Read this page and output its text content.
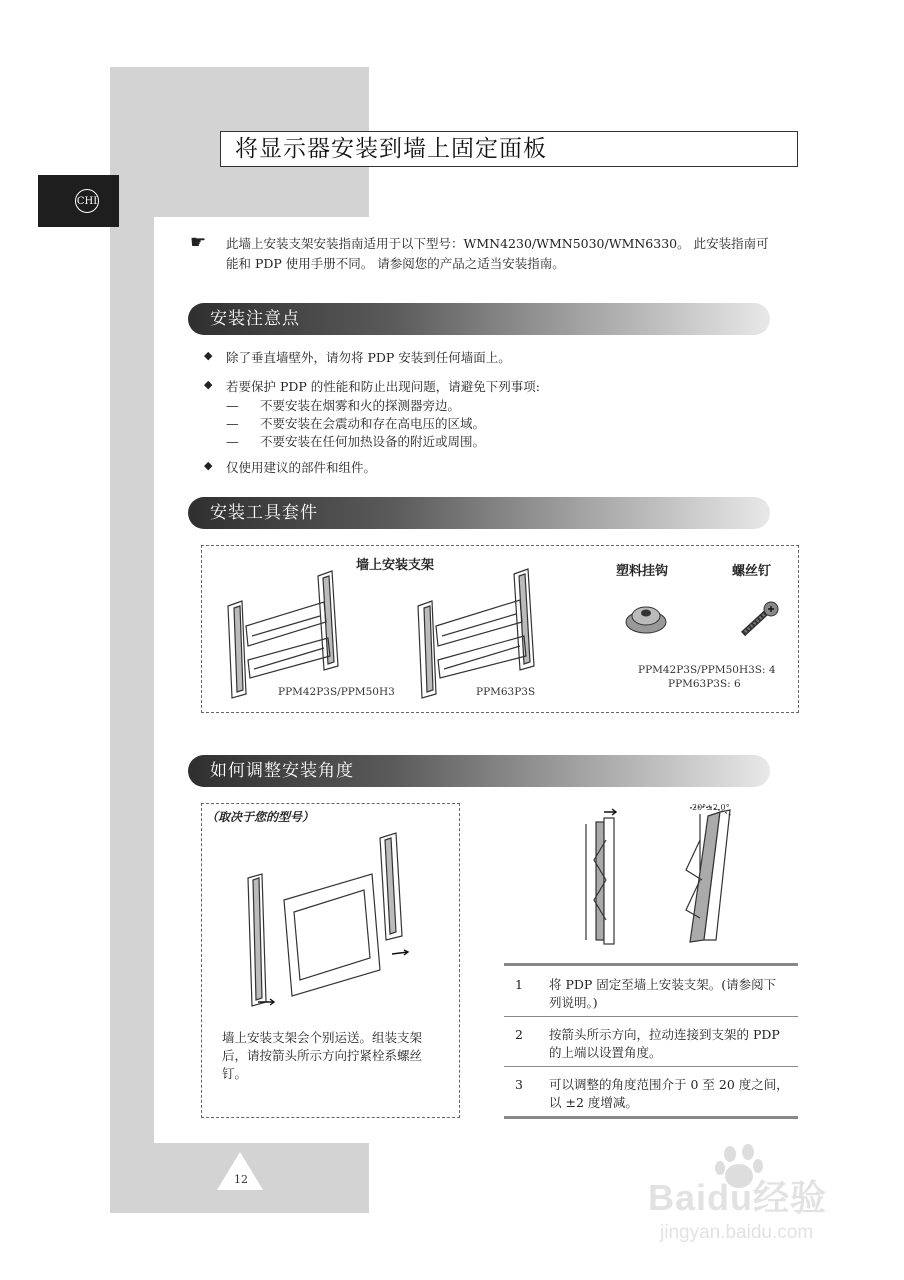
将显示器安装到墙上固定面板
CHI
☛ 此墙上安装支架安装指南适用于以下型号：WMN4230/WMN5030/WMN6330。 此安装指南可
能和 PDP 使用手册不同。 请参阅您的产品之适当安装指南。
安装注意点
◆ 除了垂直墙壁外，请勿将 PDP 安装到任何墙面上。
◆ 若要保护 PDP 的性能和防止出现问题，请避免下列事项:
— 不要安装在烟雾和火的探测器旁边。
— 不要安装在会震动和存在高电压的区域。
— 不要安装在任何加热设备的附近或周围。
◆ 仅使用建议的部件和组件。
安装工具套件
墙上安装支架	塑料挂钩	螺丝钉
PPM42P3S/PPM50H3	PPM63P3S
PPM42P3S/PPM50H3S: 4
PPM63P3S: 6
如何调整安装角度
（取决于您的型号）
墙上安装支架会个别运送。组装支架
后，请按箭头所示方向拧紧栓系螺丝
钉。
20°±2.0°
1 将 PDP 固定至墙上安装支架。(请参阅下
列说明。)
2 按箭头所示方向，拉动连接到支架的 PDP
的上端以设置角度。
3 可以调整的角度范围介于 0 至 20 度之间，
以 ±2 度增减。
12	Baidu经验
jingyan.baidu.com
